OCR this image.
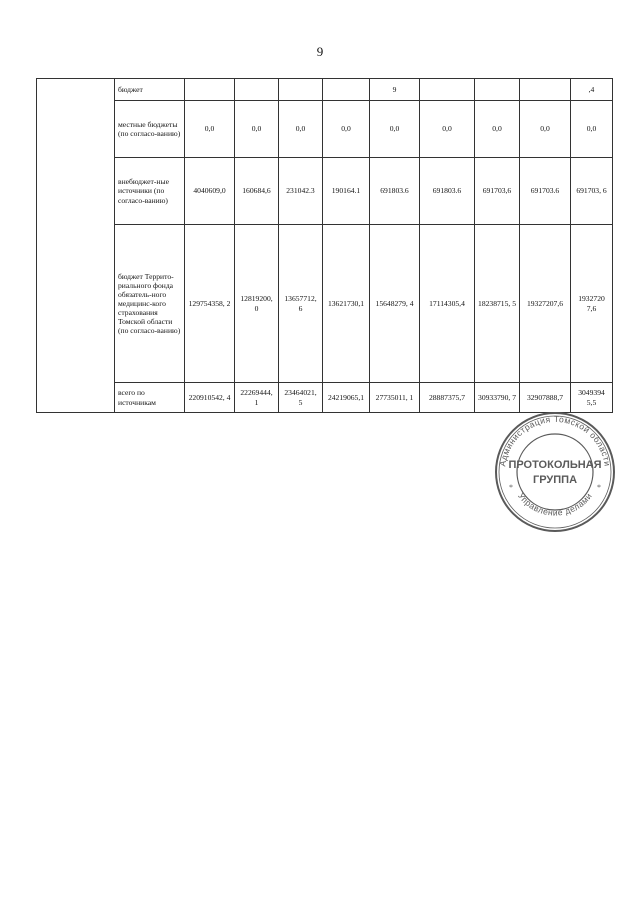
9
	бюджет					9				,4
	местные бюджеты (по согласо-ванию)	0,0	0,0	0,0	0,0	0,0	0,0	0,0	0,0	0,0
	внебюджет-ные источники (по согласо-ванию)	4040609,0	160684,6	231042.3	190164.1	691803.6	691803.6	691703,6	691703.6	691703, 6
	бюджет Террито-риального фонда обязатель-ного медицинс-кого страхования Томской области (по согласо-ванию)	129754358, 2	12819200, 0	13657712, 6	13621730,1	15648279, 4	17114305,4	18238715, 5	19327207,6	1932720 7,6
	всего по источникам	220910542, 4	22269444, 1	23464021, 5	24219065,1	27735011, 1	28887375,7	30933790, 7	32907888,7	3049394 5,5
Администрация Томской области
Управление делами
*	*
ПРОТОКОЛЬНАЯ
ГРУППА
